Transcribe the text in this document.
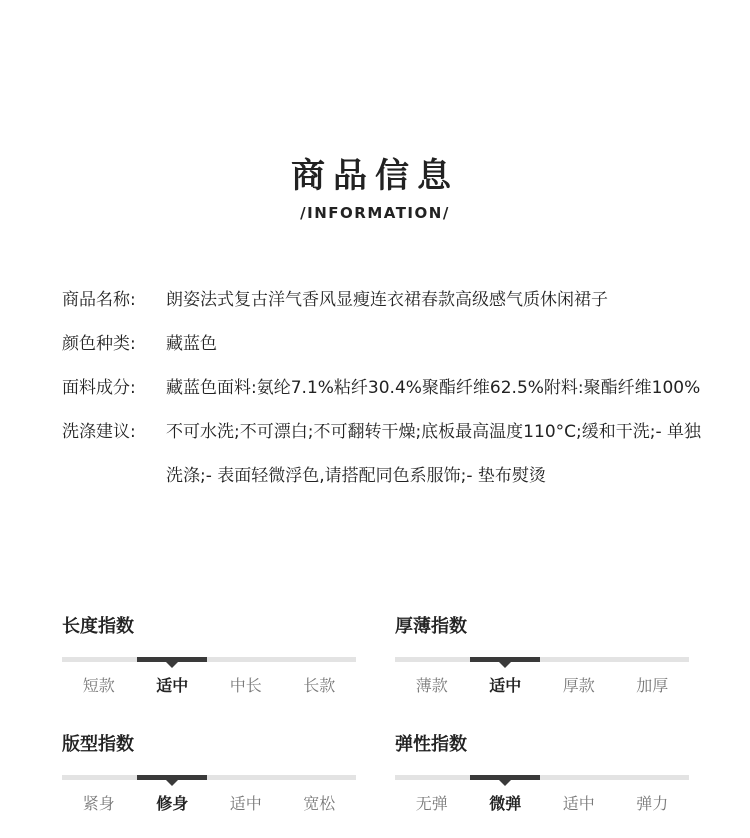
商品信息
/INFORMATION/
商品名称:	朗姿法式复古洋气香风显瘦连衣裙春款高级感气质休闲裙子
颜色种类:	藏蓝色
面料成分:	藏蓝色面料:氨纶7.1%粘纤30.4%聚酯纤维62.5%附料:聚酯纤维100%
洗涤建议:	不可水洗;不可漂白;不可翻转干燥;底板最高温度110°C;缓和干洗;- 单独洗涤;- 表面轻微浮色,请搭配同色系服饰;- 垫布熨烫
长度指数
短款	适中	中长	长款
厚薄指数
薄款	适中	厚款	加厚
版型指数
紧身	修身	适中	宽松
弹性指数
无弹	微弹	适中	弹力
